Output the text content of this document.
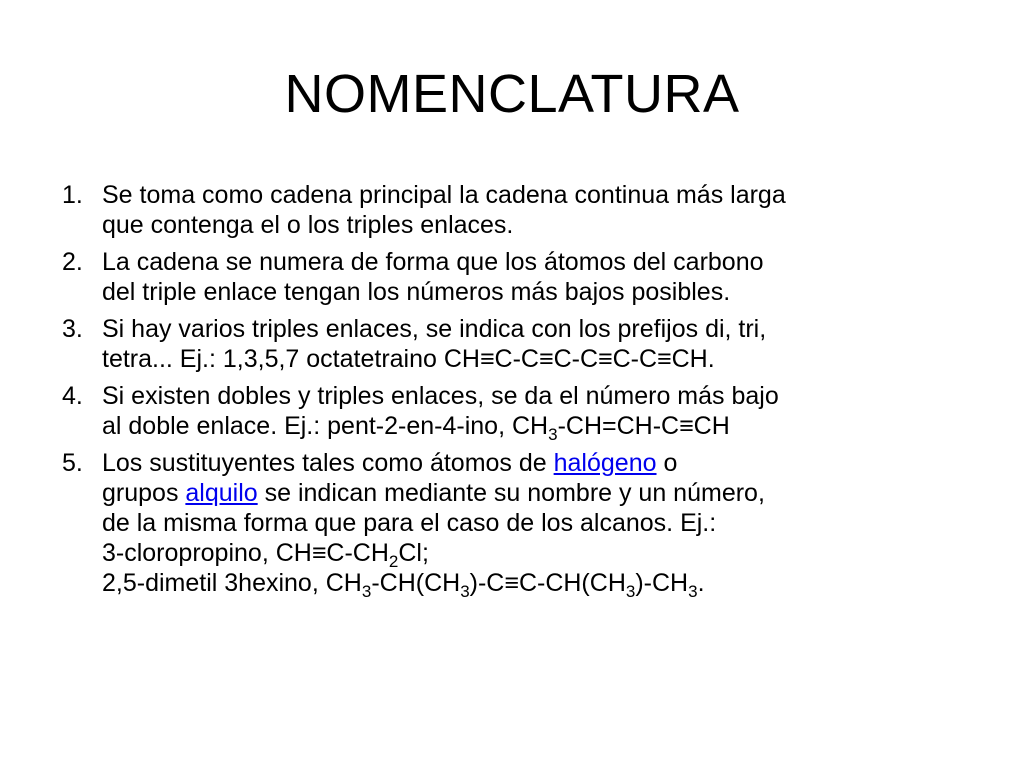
NOMENCLATURA
1. Se toma como cadena principal la cadena continua más larga
que contenga el o los triples enlaces.
2. La cadena se numera de forma que los átomos del carbono
del triple enlace tengan los números más bajos posibles.
3. Si hay varios triples enlaces, se indica con los prefijos di, tri,
tetra... Ej.: 1,3,5,7 octatetraino CH≡C-C≡C-C≡C-C≡CH.
4. Si existen dobles y triples enlaces, se da el número más bajo
al doble enlace. Ej.: pent-2-en-4-ino, $CH_3-CH=CH-C\equiv CH$
5. Los sustituyentes tales como átomos de halógeno o
grupos alquilo se indican mediante su nombre y un número,
de la misma forma que para el caso de los alcanos. Ej.:
3-cloropropino, $CH\equiv C-CH_2Cl$;
2,5-dimetil 3hexino, $CH_3-CH(CH_3)-C\equiv C-CH(CH_3)-CH_3$.
